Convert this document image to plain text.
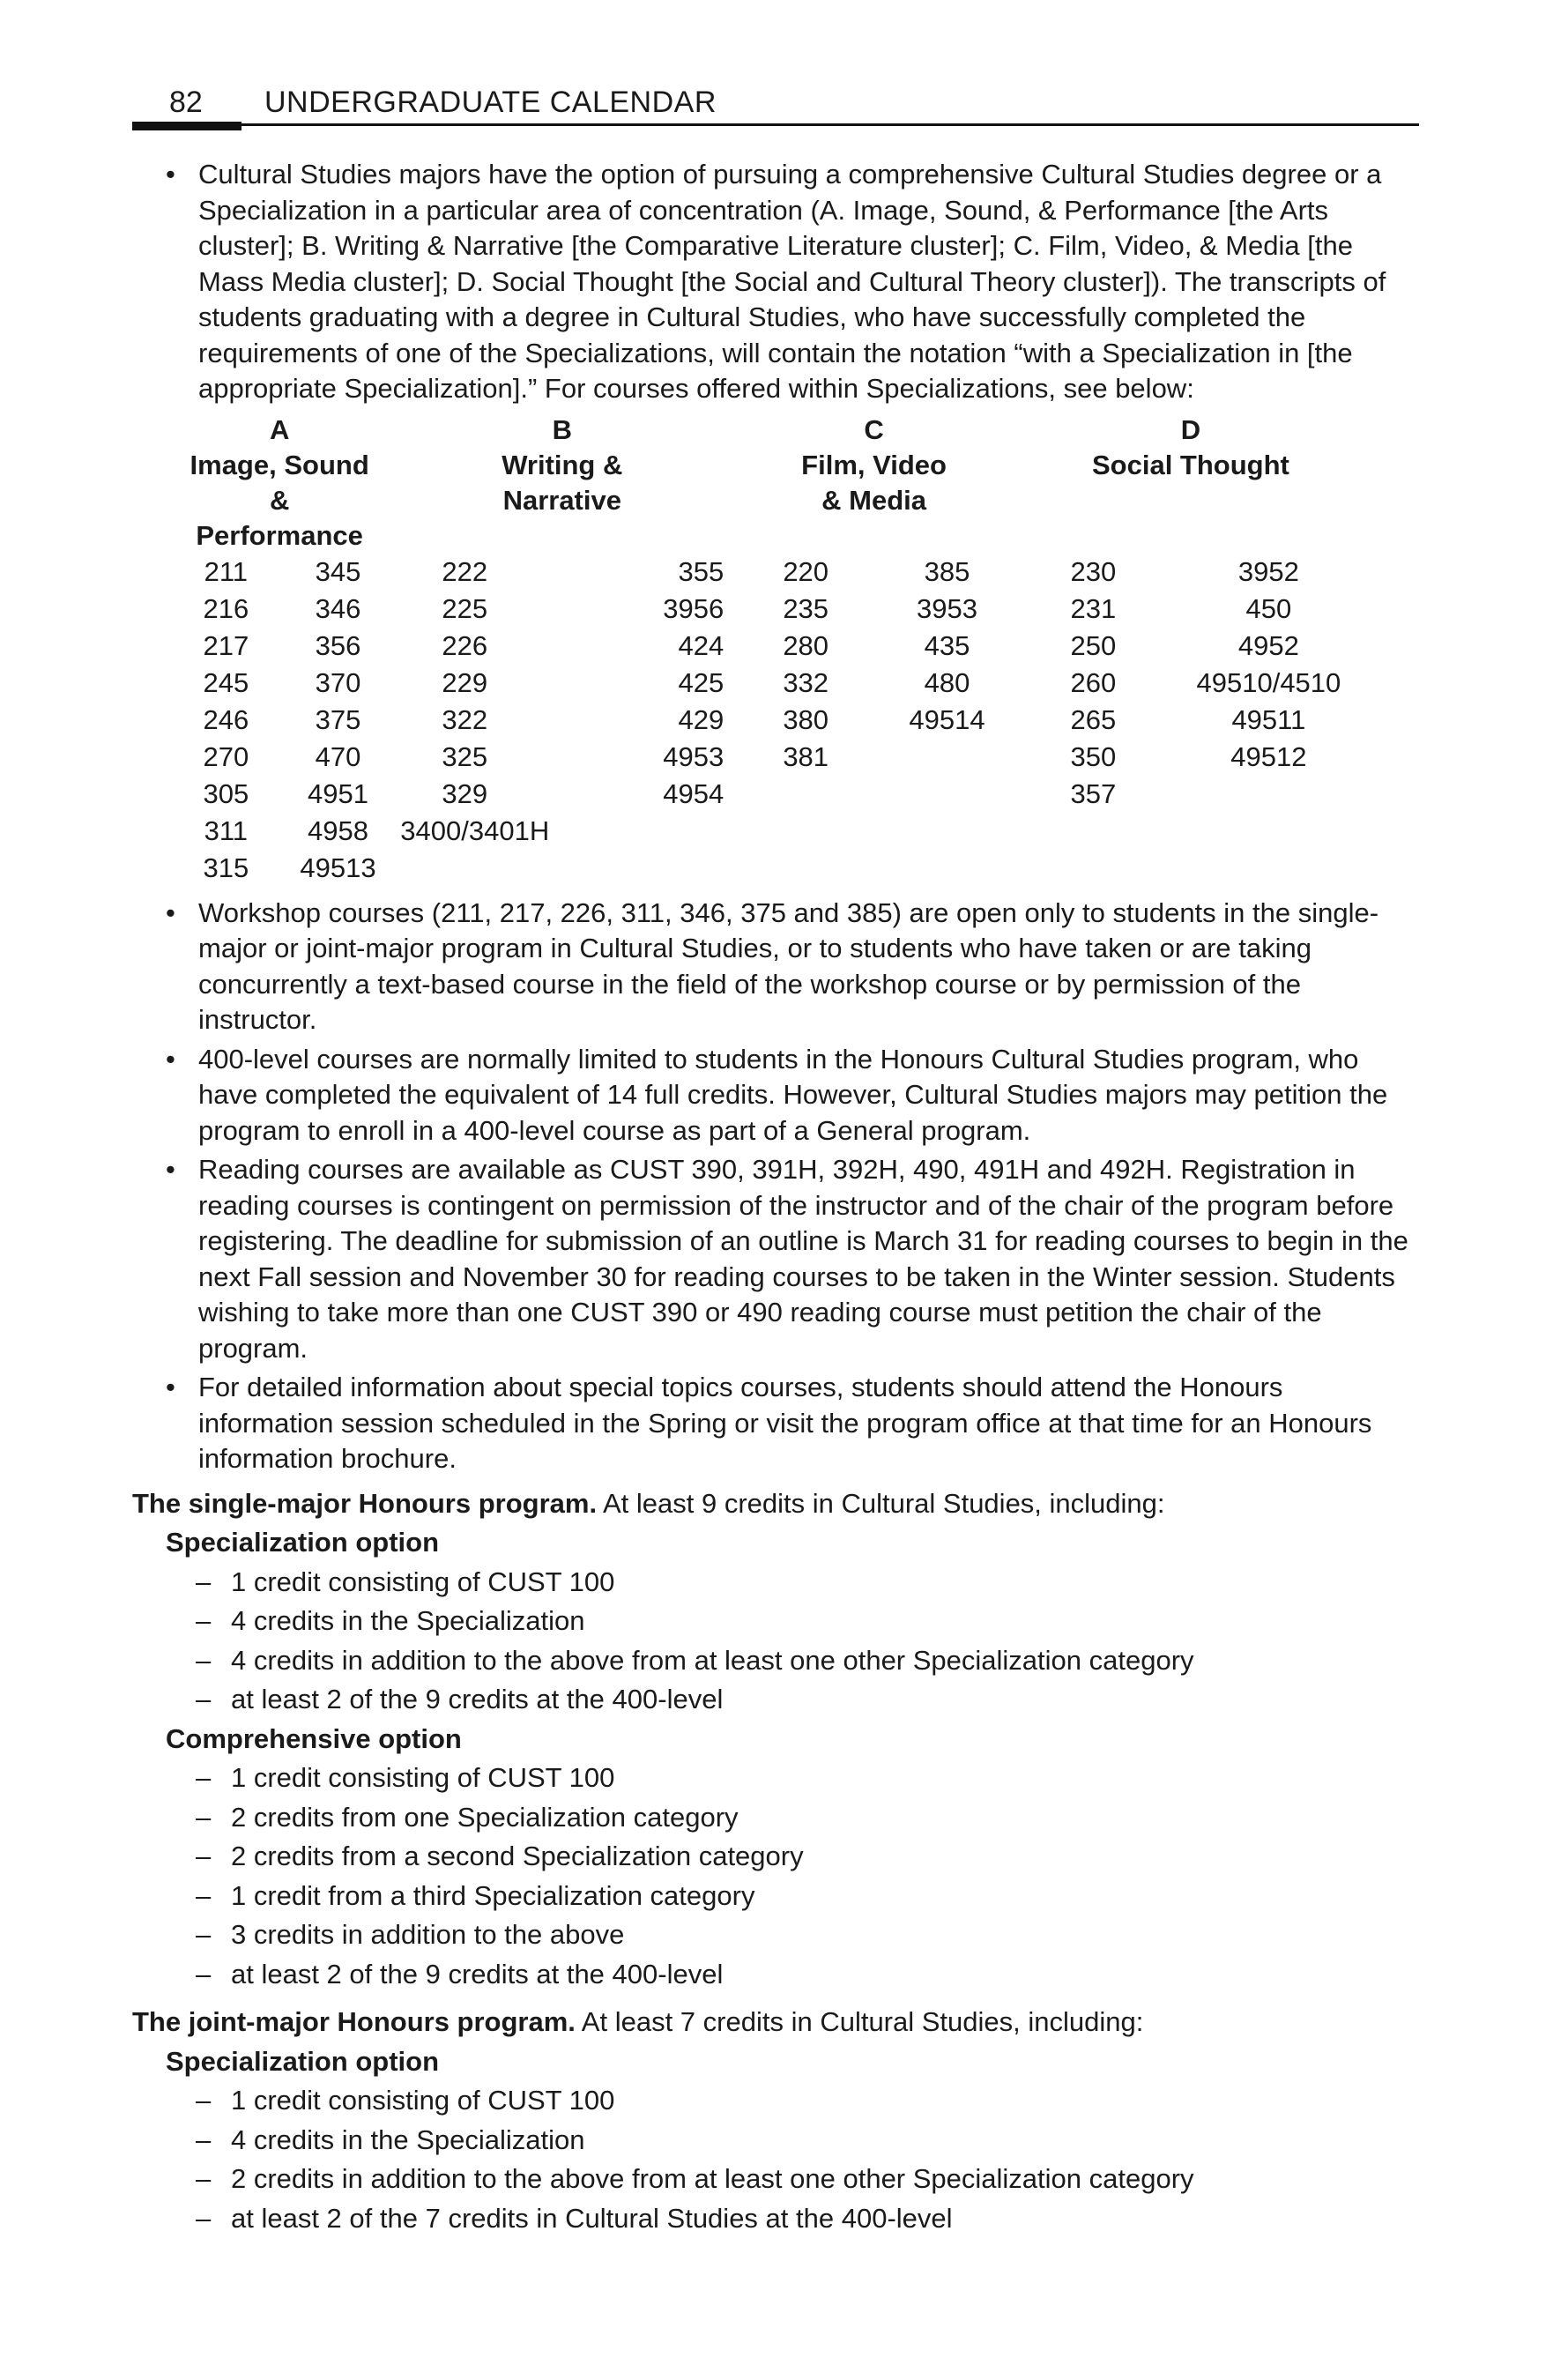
82 UNDERGRADUATE CALENDAR

• Cultural Studies majors have the option of pursuing a comprehensive Cultural Studies degree or a Specialization in a particular area of concentration (A. Image, Sound, & Performance [the Arts cluster]; B. Writing & Narrative [the Comparative Literature cluster]; C. Film, Video, & Media [the Mass Media cluster]; D. Social Thought [the Social and Cultural Theory cluster]). The transcripts of students graduating with a degree in Cultural Studies, who have successfully completed the requirements of one of the Specializations, will contain the notation “with a Specialization in [the appropriate Specialization].” For courses offered within Specializations, see below:

A		B		C		D	
Image, Sound & Performance		Writing & Narrative		Film, Video & Media		Social Thought	
211	345	222	355	220	385	230	3952
216	346	225	3956	235	3953	231	450
217	356	226	424	280	435	250	4952
245	370	229	425	332	480	260	49510/4510
246	375	322	429	380	49514	265	49511
270	470	325	4953	381		350	49512
305	4951	329	4954			357	
311	4958	3400/3401H					
315	49513						

• Workshop courses (211, 217, 226, 311, 346, 375 and 385) are open only to students in the single-major or joint-major program in Cultural Studies, or to students who have taken or are taking concurrently a text-based course in the field of the workshop course or by permission of the instructor.

• 400-level courses are normally limited to students in the Honours Cultural Studies program, who have completed the equivalent of 14 full credits. However, Cultural Studies majors may petition the program to enroll in a 400-level course as part of a General program.

• Reading courses are available as CUST 390, 391H, 392H, 490, 491H and 492H. Registration in reading courses is contingent on permission of the instructor and of the chair of the program before registering. The deadline for submission of an outline is March 31 for reading courses to begin in the next Fall session and November 30 for reading courses to be taken in the Winter session. Students wishing to take more than one CUST 390 or 490 reading course must petition the chair of the program.

• For detailed information about special topics courses, students should attend the Honours information session scheduled in the Spring or visit the program office at that time for an Honours information brochure.

The single-major Honours program. At least 9 credits in Cultural Studies, including:
Specialization option
– 1 credit consisting of CUST 100
– 4 credits in the Specialization
– 4 credits in addition to the above from at least one other Specialization category
– at least 2 of the 9 credits at the 400-level
Comprehensive option
– 1 credit consisting of CUST 100
– 2 credits from one Specialization category
– 2 credits from a second Specialization category
– 1 credit from a third Specialization category
– 3 credits in addition to the above
– at least 2 of the 9 credits at the 400-level
The joint-major Honours program. At least 7 credits in Cultural Studies, including:
Specialization option
– 1 credit consisting of CUST 100
– 4 credits in the Specialization
– 2 credits in addition to the above from at least one other Specialization category
– at least 2 of the 7 credits in Cultural Studies at the 400-level
